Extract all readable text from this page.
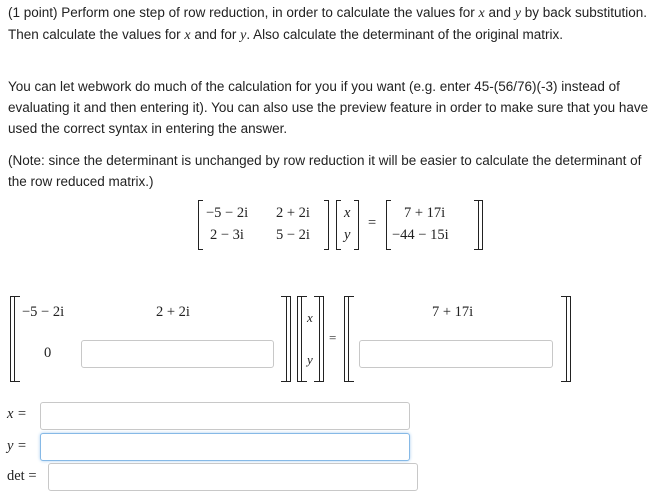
(1 point) Perform one step of row reduction, in order to calculate the values for x and y by back substitution. Then calculate the values for x and for y. Also calculate the determinant of the original matrix.

You can let webwork do much of the calculation for you if you want (e.g. enter 45-(56/76)(-3) instead of evaluating it and then entering it). You can also use the preview feature in order to make sure that you have used the correct syntax in entering the answer.

(Note: since the determinant is unchanged by row reduction it will be easier to calculate the determinant of the row reduced matrix.)

−5 − 2i 2 + 2i
2 − 3i 5 − 2i
x
y
=
7 + 17i
−44 − 15i
−5 − 2i	2 + 2i
0
x
y
=
7 + 17i
x =
y =
det =
